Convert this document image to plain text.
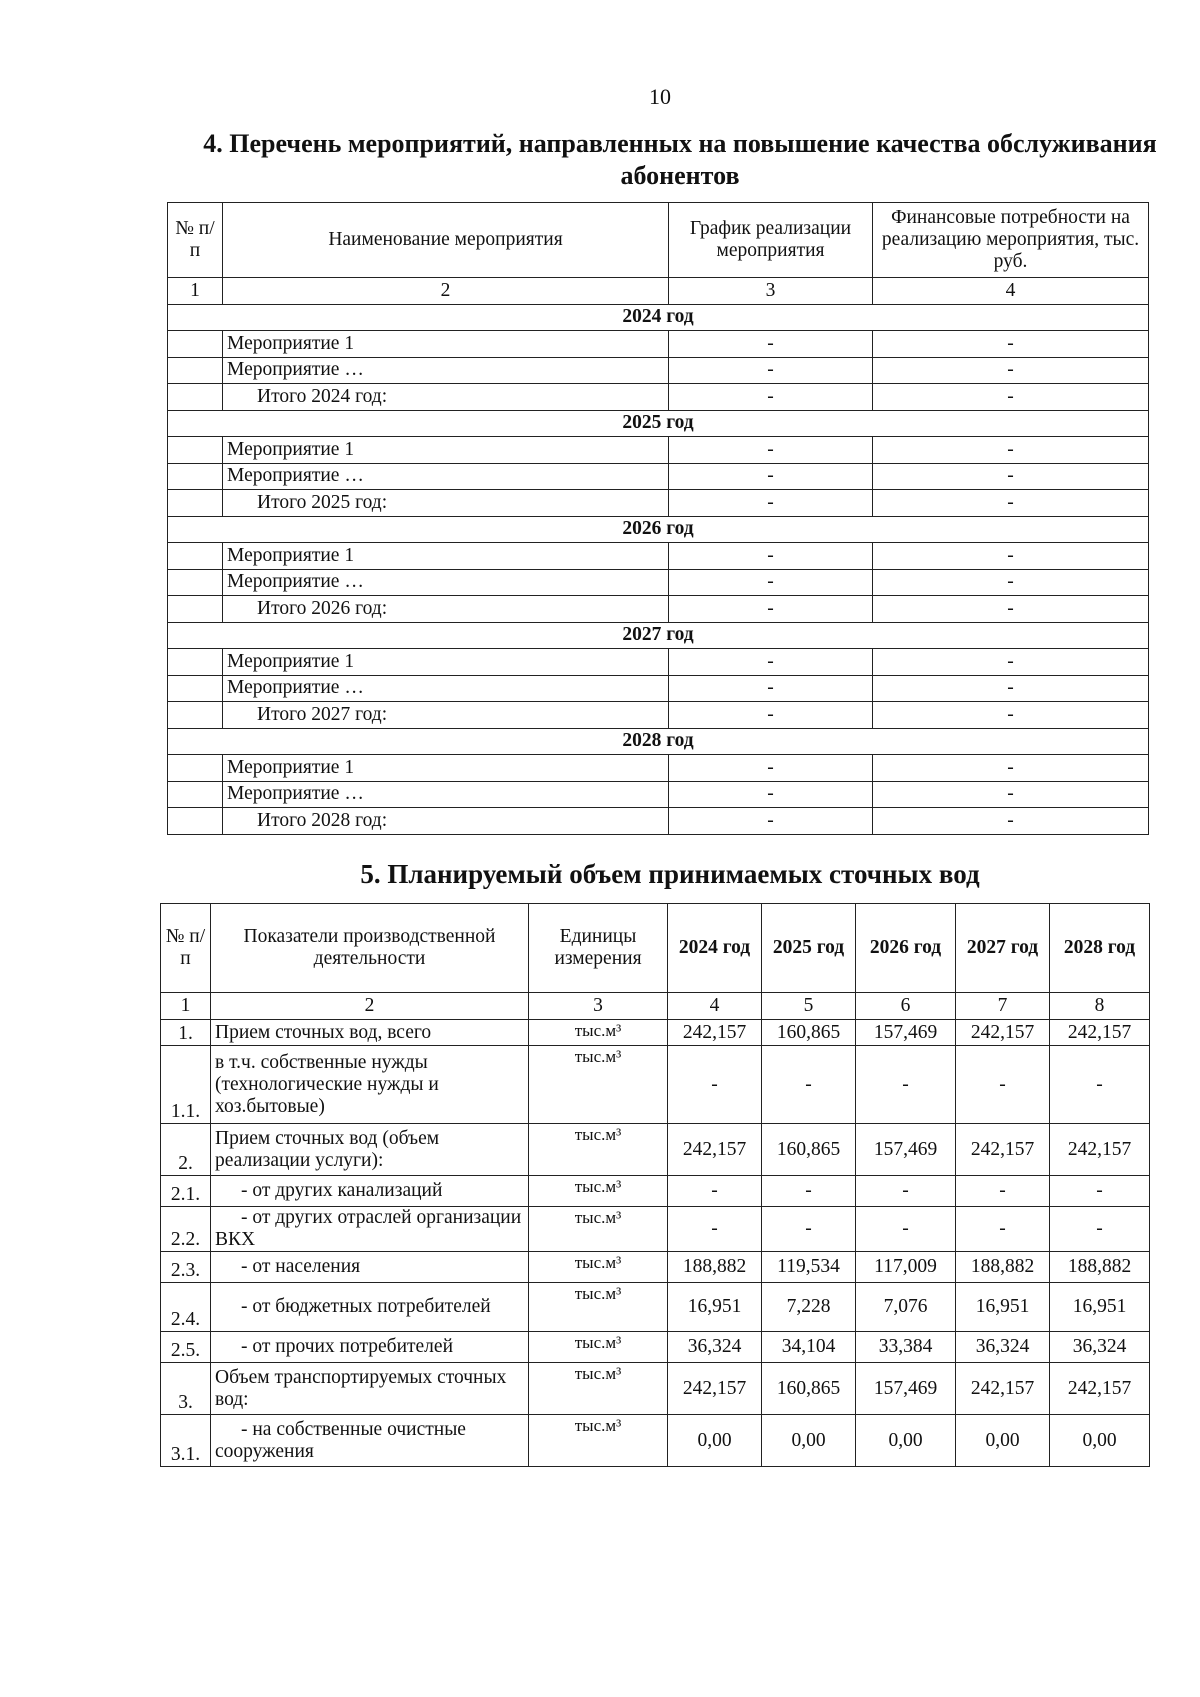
10
4. Перечень мероприятий, направленных на повышение качества обслуживания абонентов
№ п/п	Наименование мероприятия	График реализации мероприятия	Финансовые потребности на реализацию мероприятия, тыс. руб.
1	2	3	4
2024 год			
	Мероприятие 1	-	-
	Мероприятие …	-	-
	Итого 2024 год:	-	-
2025 год			
	Мероприятие 1	-	-
	Мероприятие …	-	-
	Итого 2025 год:	-	-
2026 год			
	Мероприятие 1	-	-
	Мероприятие …	-	-
	Итого 2026 год:	-	-
2027 год			
	Мероприятие 1	-	-
	Мероприятие …	-	-
	Итого 2027 год:	-	-
2028 год			
	Мероприятие 1	-	-
	Мероприятие …	-	-
	Итого 2028 год:	-	-
5. Планируемый объем принимаемых сточных вод
№ п/п	Показатели производственной деятельности	Единицы измерения	2024 год	2025 год	2026 год	2027 год	2028 год
1	2	3	4	5	6	7	8
1.	Прием сточных вод, всего	тыс.м³	242,157	160,865	157,469	242,157	242,157
1.1.	в т.ч. собственные нужды (технологические нужды и хоз.бытовые)	тыс.м³	-	-	-	-	-
2.	Прием сточных вод (объем реализации услуги):	тыс.м³	242,157	160,865	157,469	242,157	242,157
2.1.	- от других канализаций	тыс.м³	-	-	-	-	-
2.2.	- от других отраслей организации ВКХ	тыс.м³	-	-	-	-	-
2.3.	- от населения	тыс.м³	188,882	119,534	117,009	188,882	188,882
2.4.	- от бюджетных потребителей	тыс.м³	16,951	7,228	7,076	16,951	16,951
2.5.	- от прочих потребителей	тыс.м³	36,324	34,104	33,384	36,324	36,324
3.	Объем транспортируемых сточных вод:	тыс.м³	242,157	160,865	157,469	242,157	242,157
3.1.	- на собственные очистные сооружения	тыс.м³	0,00	0,00	0,00	0,00	0,00
